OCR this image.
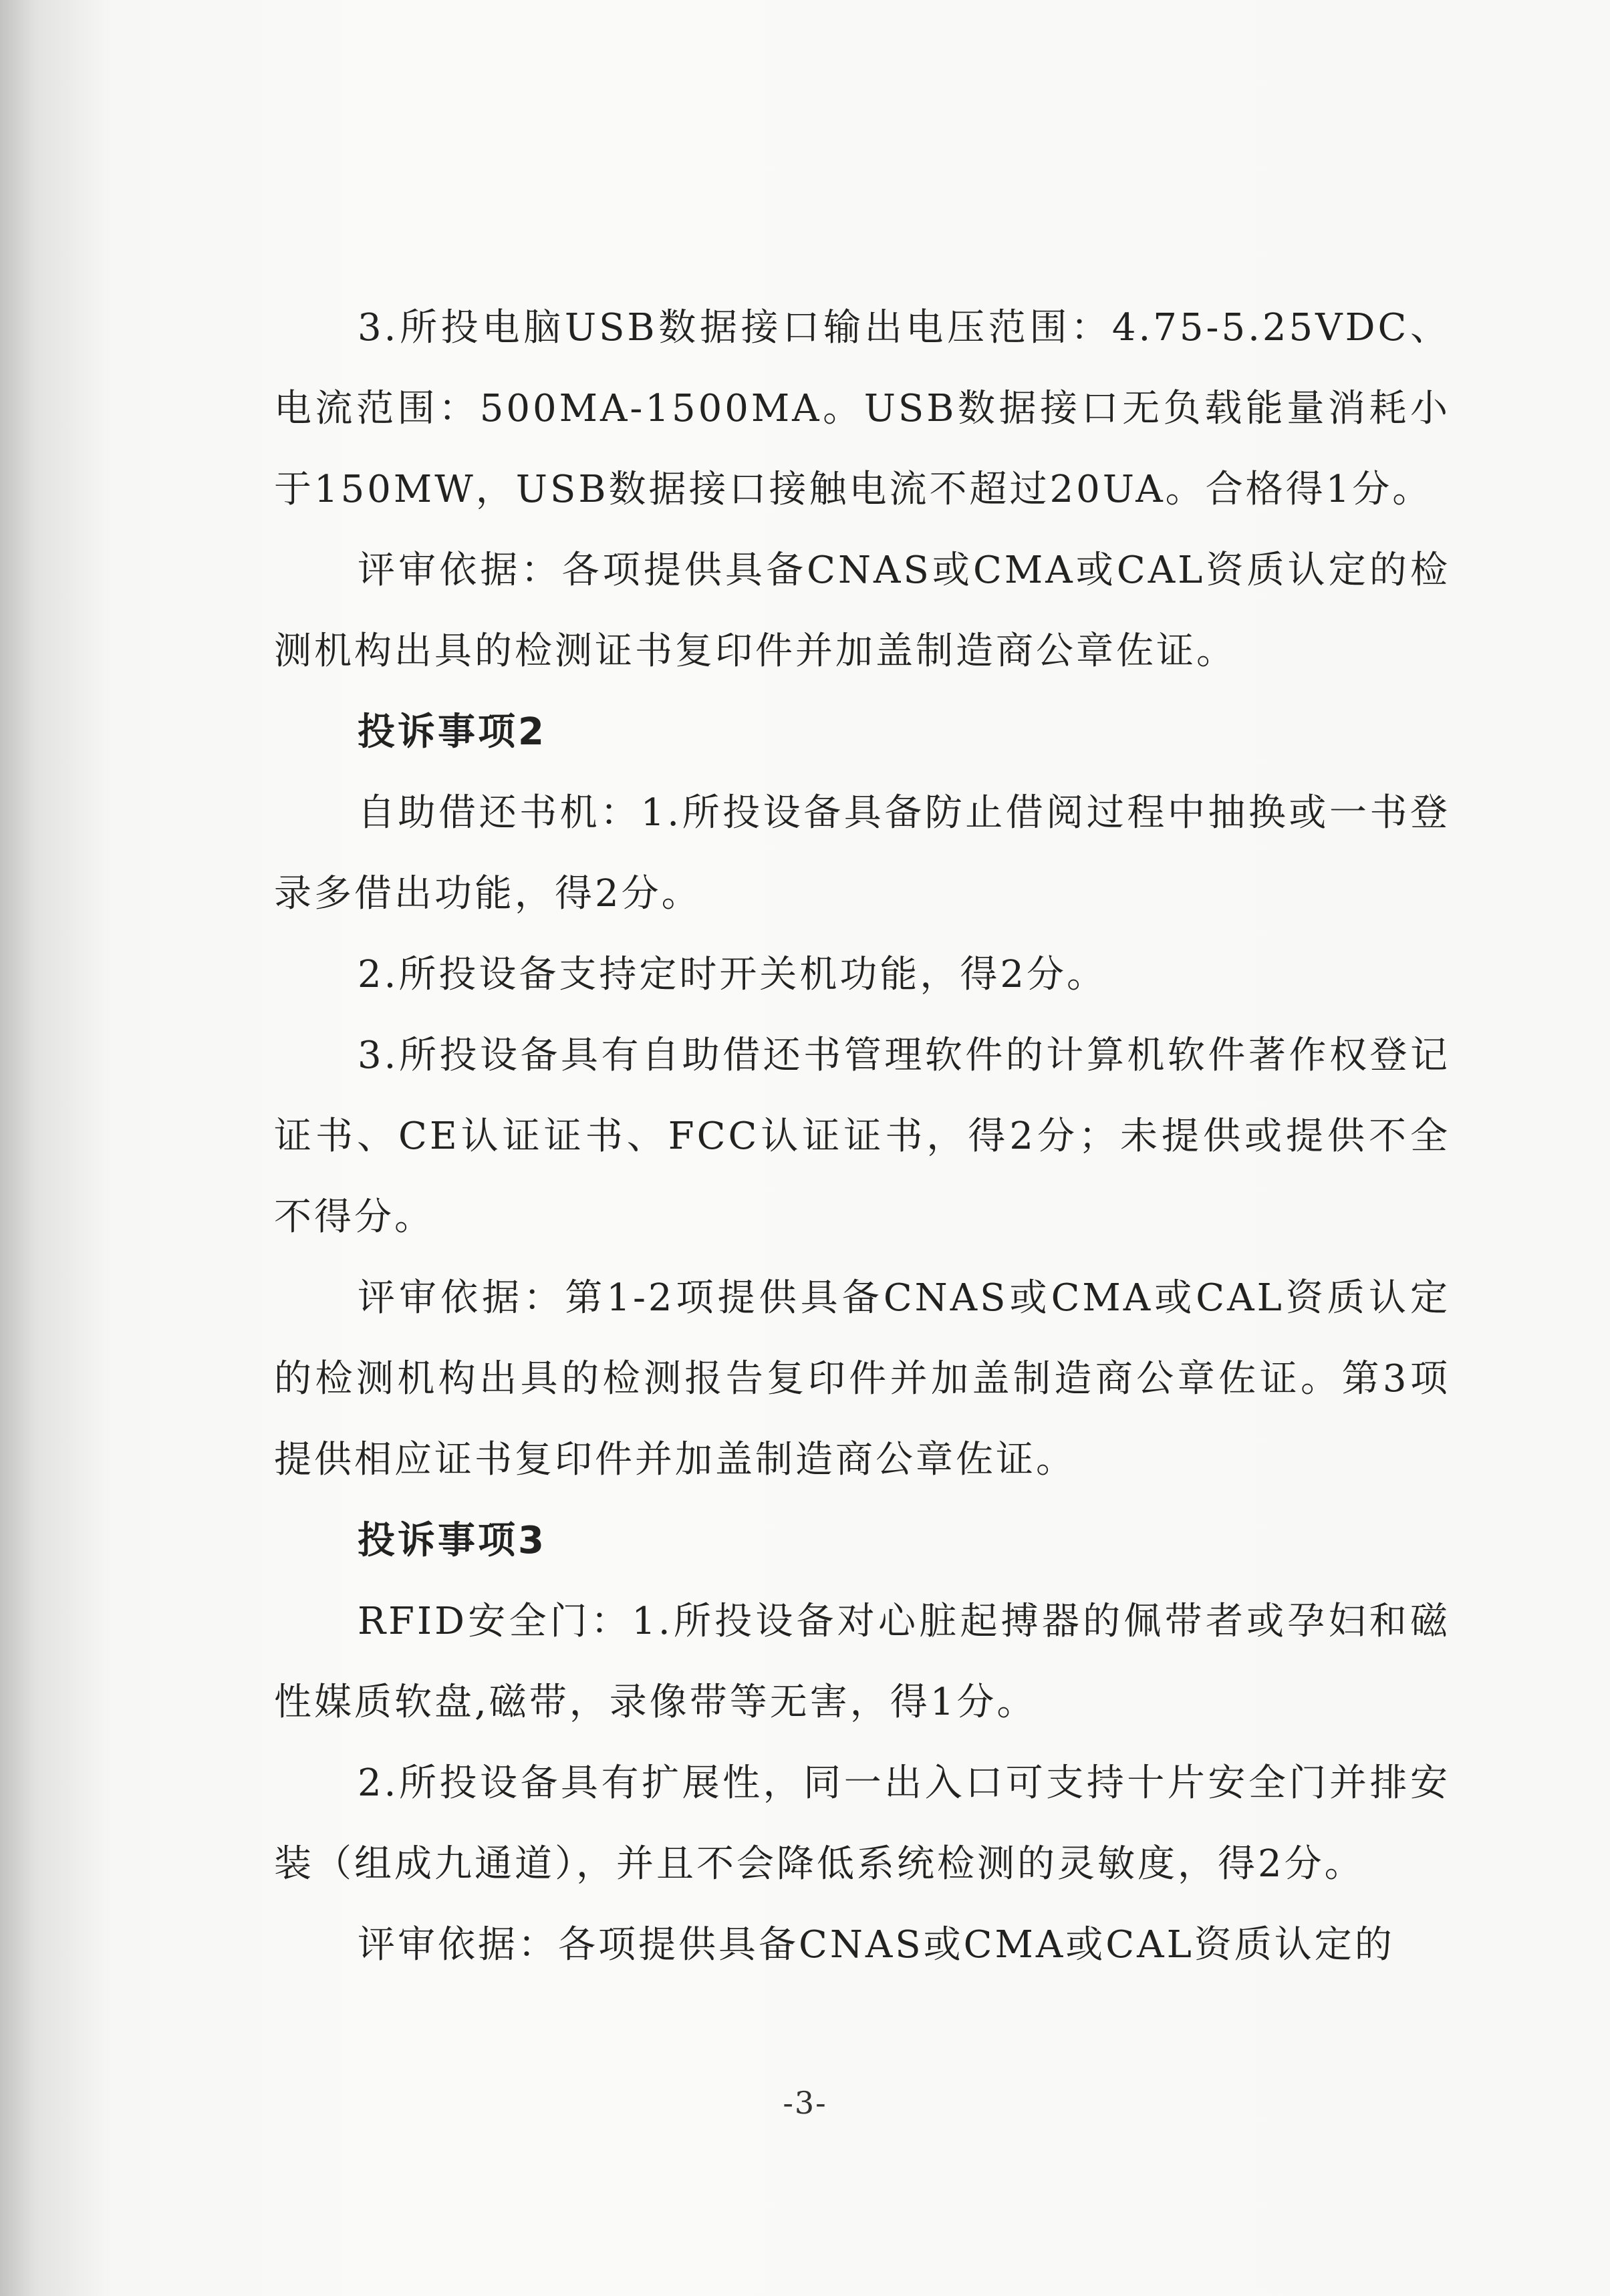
3.所投电脑USB数据接口输出电压范围：4.75-5.25VDC、电流范围：500MA-1500MA。USB数据接口无负载能量消耗小于150MW，USB数据接口接触电流不超过20UA。合格得1分。

评审依据：各项提供具备CNAS或CMA或CAL资质认定的检测机构出具的检测证书复印件并加盖制造商公章佐证。

投诉事项2

自助借还书机：1.所投设备具备防止借阅过程中抽换或一书登录多借出功能，得2分。

2.所投设备支持定时开关机功能，得2分。

3.所投设备具有自助借还书管理软件的计算机软件著作权登记证书、CE认证证书、FCC认证证书，得2分；未提供或提供不全不得分。

评审依据：第1-2项提供具备CNAS或CMA或CAL资质认定的检测机构出具的检测报告复印件并加盖制造商公章佐证。第3项提供相应证书复印件并加盖制造商公章佐证。

投诉事项3

RFID安全门：1.所投设备对心脏起搏器的佩带者或孕妇和磁性媒质软盘,磁带，录像带等无害，得1分。

2.所投设备具有扩展性，同一出入口可支持十片安全门并排安装（组成九通道），并且不会降低系统检测的灵敏度，得2分。

评审依据：各项提供具备CNAS或CMA或CAL资质认定的

-3-
